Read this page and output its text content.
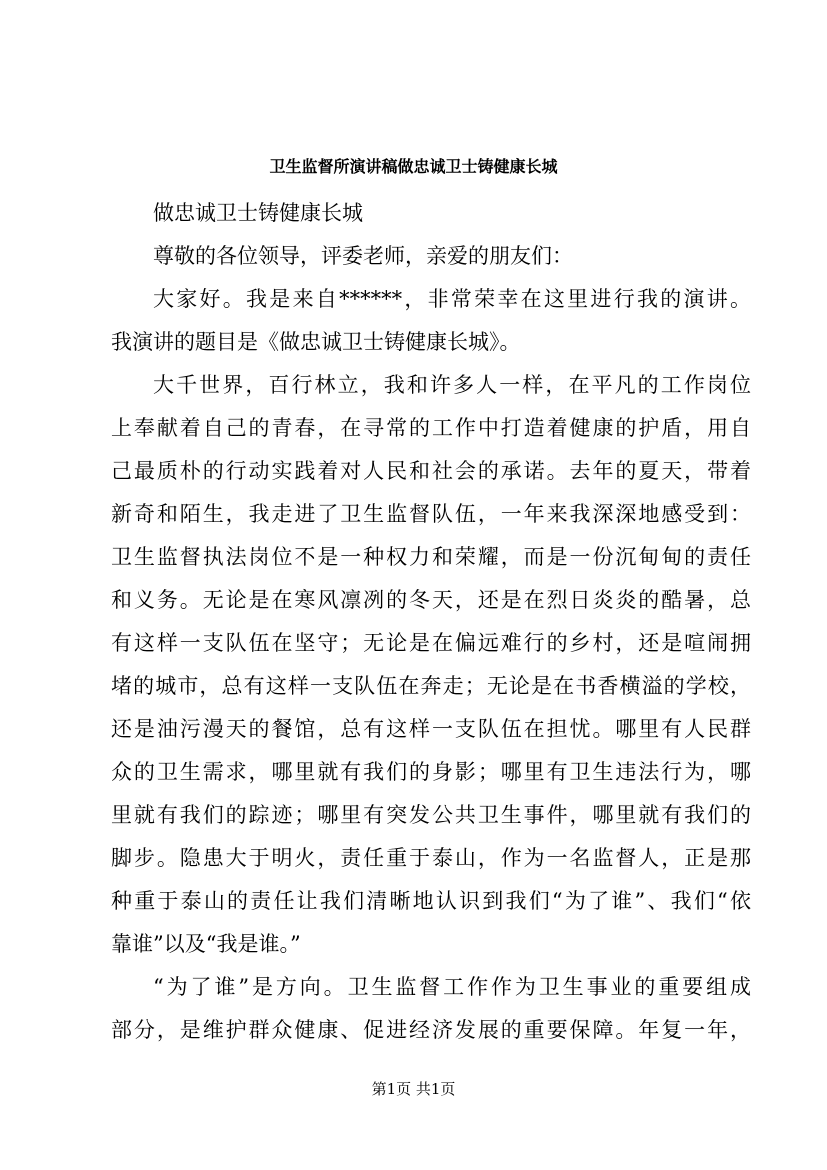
卫生监督所演讲稿做忠诚卫士铸健康长城
做忠诚卫士铸健康长城
尊敬的各位领导，评委老师，亲爱的朋友们：
大家好。我是来自******，非常荣幸在这里进行我的演讲。
我演讲的题目是《做忠诚卫士铸健康长城》。
大千世界，百行林立，我和许多人一样，在平凡的工作岗位
上奉献着自己的青春，在寻常的工作中打造着健康的护盾，用自
己最质朴的行动实践着对人民和社会的承诺。去年的夏天，带着
新奇和陌生，我走进了卫生监督队伍，一年来我深深地感受到：
卫生监督执法岗位不是一种权力和荣耀，而是一份沉甸甸的责任
和义务。无论是在寒风凛冽的冬天，还是在烈日炎炎的酷暑，总
有这样一支队伍在坚守；无论是在偏远难行的乡村，还是喧闹拥
堵的城市，总有这样一支队伍在奔走；无论是在书香横溢的学校，
还是油污漫天的餐馆，总有这样一支队伍在担忧。哪里有人民群
众的卫生需求，哪里就有我们的身影；哪里有卫生违法行为，哪
里就有我们的踪迹；哪里有突发公共卫生事件，哪里就有我们的
脚步。隐患大于明火，责任重于泰山，作为一名监督人，正是那
种重于泰山的责任让我们清晰地认识到我们“为了谁”、我们“依
靠谁”以及“我是谁。”
“为了谁”是方向。卫生监督工作作为卫生事业的重要组成
部分，是维护群众健康、促进经济发展的重要保障。年复一年，
第1页 共1页
